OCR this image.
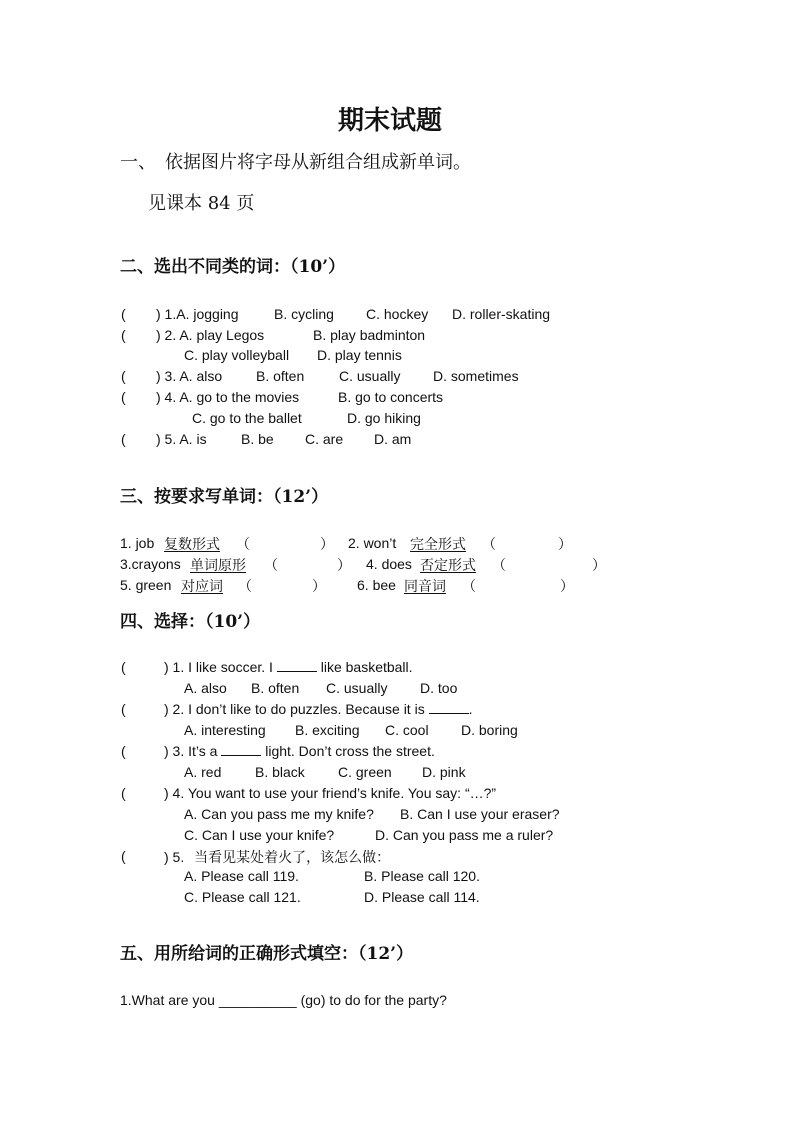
期末试题
一、　依据图片将字母从新组合组成新单词。
见课本 84 页
二、选出不同类的词：（10’）
( ) 1.A. jogging	B. cycling C. hockey D. roller-skating
( ) 2. A. play Legos	B. play badminton
C. play volleyball D. play tennis
( ) 3. A. also B. often C. usually D. sometimes
( ) 4. A. go to the movies	B. go to concerts
C. go to the ballet	D. go hiking
( ) 5. A. is B. be C. are D. am
三、按要求写单词：（12’）
1. job 复数形式 （	） 2. won’t 完全形式 （	）
3.crayons 单词原形 （	） 4. does 否定形式 （	）
5. green 对应词 （	） 6. bee 同音词 （	）
四、选择：（10’）
(	) 1. I like soccer. I	like basketball.
A. also B. often C. usually D. too
(	) 2. I don’t like to do puzzles. Because it is	.
A. interesting B. exciting C. cool D. boring
(	) 3. It’s a	light. Don’t cross the street.
A. red B. black C. green D. pink
(	) 4. You want to use your friend’s knife. You say: “…?”
A. Can you pass me my knife? B. Can I use your eraser?
C. Can I use your knife?	D. Can you pass me a ruler?
(	) 5. 当看见某处着火了，该怎么做：
A. Please call 119.	B. Please call 120.
C. Please call 121.	D. Please call 114.
五、用所给词的正确形式填空：（12’）
1.What are you __________ (go) to do for the party?
